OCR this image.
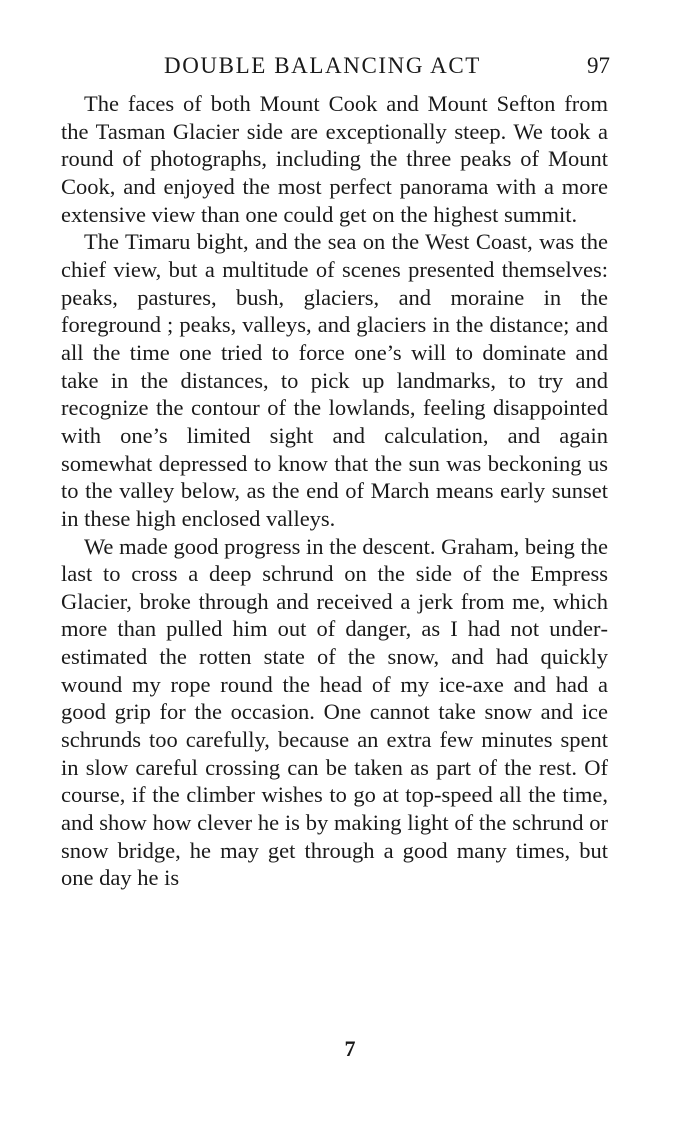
DOUBLE BALANCING ACT	97

The faces of both Mount Cook and Mount Sefton from the Tasman Glacier side are exceptionally steep. We took a round of photographs, including the three peaks of Mount Cook, and enjoyed the most perfect panorama with a more extensive view than one could get on the highest summit.

The Timaru bight, and the sea on the West Coast, was the chief view, but a multitude of scenes presented themselves: peaks, pastures, bush, glaciers, and moraine in the foreground ; peaks, valleys, and glaciers in the distance; and all the time one tried to force one’s will to dominate and take in the distances, to pick up landmarks, to try and recognize the contour of the lowlands, feeling disappointed with one’s limited sight and calculation, and again somewhat depressed to know that the sun was beckoning us to the valley below, as the end of March means early sunset in these high enclosed valleys.

We made good progress in the descent. Graham, being the last to cross a deep schrund on the side of the Empress Glacier, broke through and received a jerk from me, which more than pulled him out of danger, as I had not underestimated the rotten state of the snow, and had quickly wound my rope round the head of my ice-axe and had a good grip for the occasion. One cannot take snow and ice schrunds too carefully, because an extra few minutes spent in slow careful crossing can be taken as part of the rest. Of course, if the climber wishes to go at top-speed all the time, and show how clever he is by making light of the schrund or snow bridge, he may get through a good many times, but one day he is

7
